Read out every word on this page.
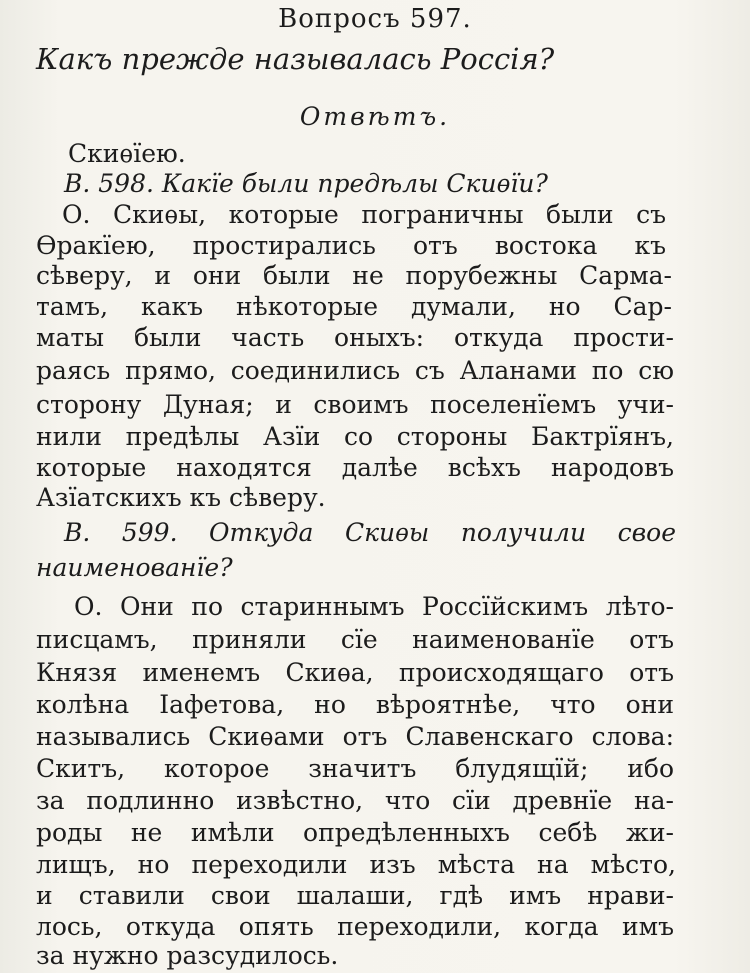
Вопросъ 597.
Какъ прежде называлась Россія?
Отвѣтъ.
Скиѳїею.
В. 598. Какїе были предѣлы Скиѳїи?
О. Скиѳы, которые пограничны были съ
Ѳракїею, простирались отъ востока къ
сѣверу, и они были не порубежны Сарма-
тамъ, какъ нѣкоторые думали, но Сар-
маты были часть оныхъ: откуда прости-
раясь прямо, соединились съ Аланами по сю
сторону Дуная; и своимъ поселенїемъ учи-
нили предѣлы Азїи со стороны Бактрїянъ,
которые находятся далѣе всѣхъ народовъ
Азїатскихъ къ сѣверу.
В. 599. Откуда Скиѳы получили свое
наименованїе?
О. Они по стариннымъ Россїйскимъ лѣто-
писцамъ, приняли сїе наименованїе отъ
Князя именемъ Скиѳа, происходящаго отъ
колѣна Іафетова, но вѣроятнѣе, что они
назывались Скиѳами отъ Славенскаго слова:
Скитъ, которое значитъ блудящїй; ибо
за подлинно извѣстно, что сїи древнїе на-
роды не имѣли опредѣленныхъ себѣ жи-
лищъ, но переходили изъ мѣста на мѣсто,
и ставили свои шалаши, гдѣ имъ нрави-
лось, откуда опять переходили, когда имъ
за нужно разсудилось.
